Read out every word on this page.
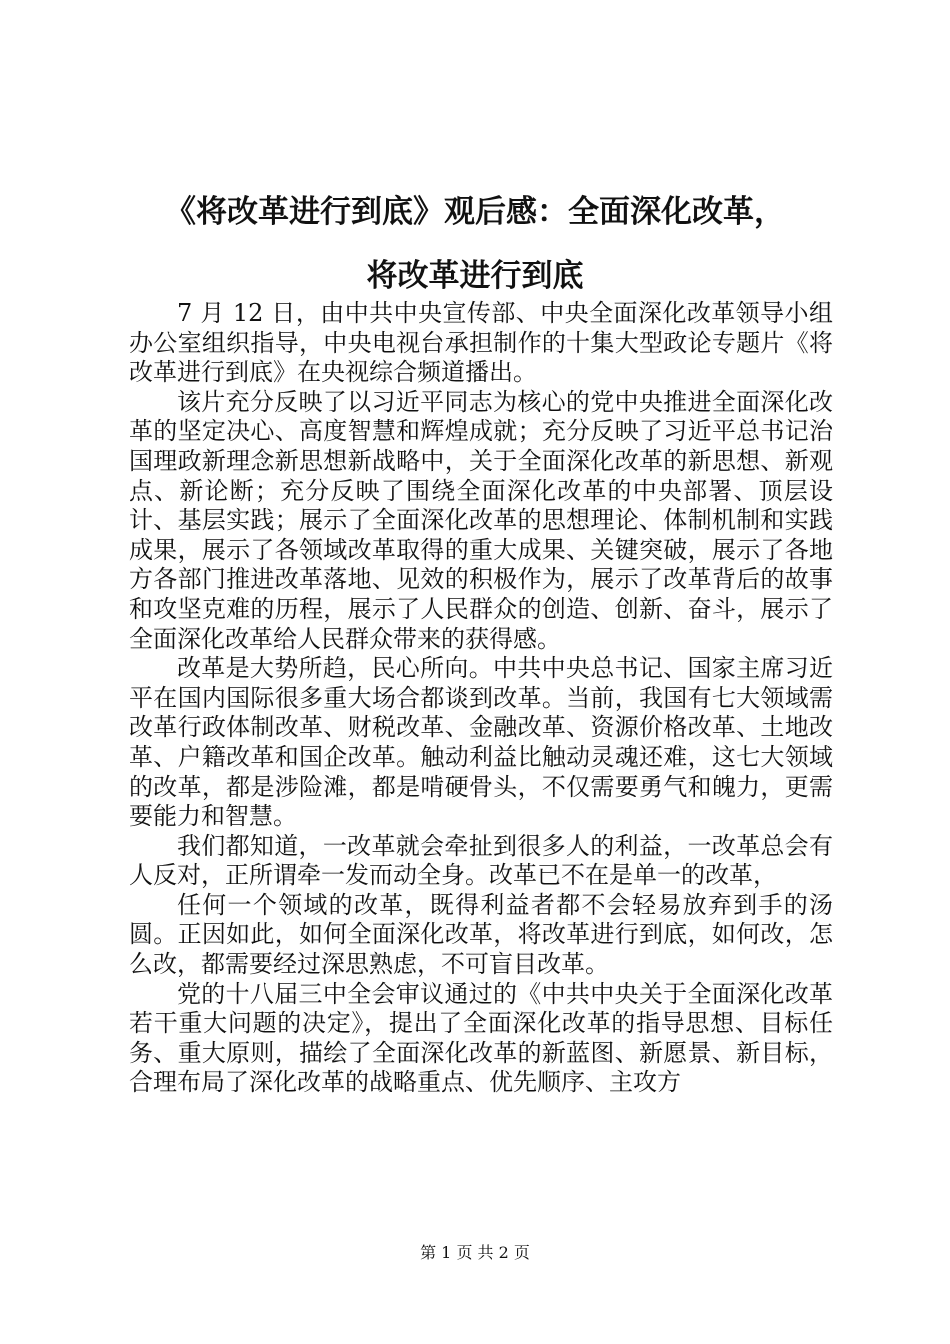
《将改革进行到底》观后感：全面深化改革，
将改革进行到底

7 月 12 日，由中共中央宣传部、中央全面深化改革领导小组办公室组织指导，中央电视台承担制作的十集大型政论专题片《将改革进行到底》在央视综合频道播出。

该片充分反映了以习近平同志为核心的党中央推进全面深化改革的坚定决心、高度智慧和辉煌成就；充分反映了习近平总书记治国理政新理念新思想新战略中，关于全面深化改革的新思想、新观点、新论断；充分反映了围绕全面深化改革的中央部署、顶层设计、基层实践；展示了全面深化改革的思想理论、体制机制和实践成果，展示了各领域改革取得的重大成果、关键突破，展示了各地方各部门推进改革落地、见效的积极作为，展示了改革背后的故事和攻坚克难的历程，展示了人民群众的创造、创新、奋斗，展示了全面深化改革给人民群众带来的获得感。

改革是大势所趋，民心所向。中共中央总书记、国家主席习近平在国内国际很多重大场合都谈到改革。当前，我国有七大领域需改革行政体制改革、财税改革、金融改革、资源价格改革、土地改革、户籍改革和国企改革。触动利益比触动灵魂还难，这七大领域的改革，都是涉险滩，都是啃硬骨头，不仅需要勇气和魄力，更需要能力和智慧。

我们都知道，一改革就会牵扯到很多人的利益，一改革总会有人反对，正所谓牵一发而动全身。改革已不在是单一的改革，

任何一个领域的改革，既得利益者都不会轻易放弃到手的汤圆。正因如此，如何全面深化改革，将改革进行到底，如何改，怎么改，都需要经过深思熟虑，不可盲目改革。

党的十八届三中全会审议通过的《中共中央关于全面深化改革若干重大问题的决定》，提出了全面深化改革的指导思想、目标任务、重大原则，描绘了全面深化改革的新蓝图、新愿景、新目标，合理布局了深化改革的战略重点、优先顺序、主攻方

第 1 页 共 2 页
